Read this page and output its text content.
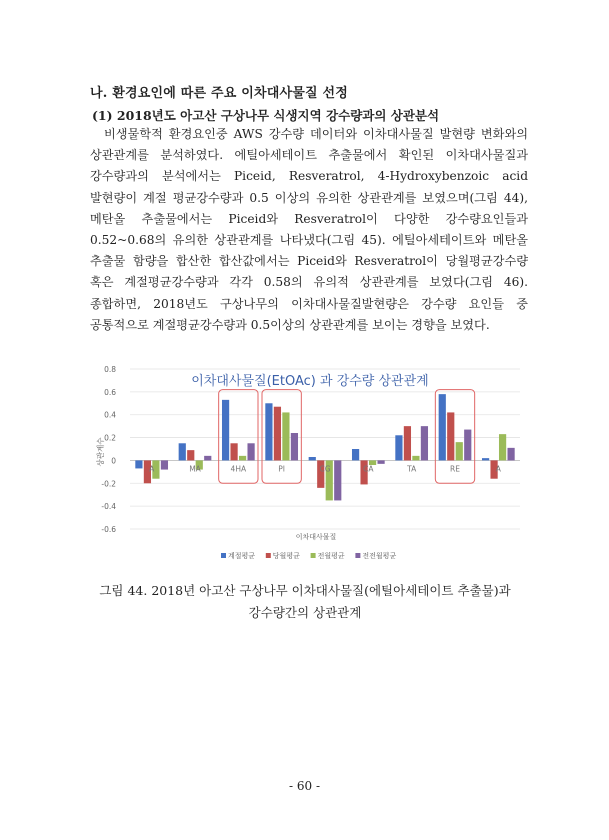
나. 환경요인에 따른 주요 이차대사물질 선정
(1) 2018년도 아고산 구상나무 식생지역 강수량과의 상관분석

비생물학적 환경요인중 AWS 강수량 데이터와 이차대사물질 발현량 변화와의 상관관계를 분석하였다. 에틸아세테이트 추출물에서 확인된 이차대사물질과 강수량과의 분석에서는 Piceid, Resveratrol, 4-Hydroxybenzoic acid 발현량이 계절 평균강수량과 0.5 이상의 유의한 상관관계를 보였으며(그림 44), 메탄올 추출물에서는 Piceid와 Resveratrol이 다양한 강수량요인들과 0.52~0.68의 유의한 상관관계를 나타냈다(그림 45). 에틸아세테이트와 메탄올 추출물 함량을 합산한 합산값에서는 Piceid와 Resveratrol이 당월평균강수량 혹은 계절평균강수량과 각각 0.58의 유의적 상관관계를 보였다(그림 46). 종합하면, 2018년도 구상나무의 이차대사물질발현량은 강수량 요인들 중 공통적으로 계절평균강수량과 0.5이상의 상관관계를 보이는 경향을 보였다.

0.8
0.6
0.4
0.2
0
-0.2
-0.4
-0.6
A	MA	4HA	PI	CG	CA	TA	RE	A
이차대사물질(EtOAc) 과 강수량 상관관계
상관계수
이차대사물질
계절평균	당월평균	전월평균	전전월평균

그림 44. 2018년 아고산 구상나무 이차대사물질(에틸아세테이트 추출물)과
강수량간의 상관관계

- 60 -
